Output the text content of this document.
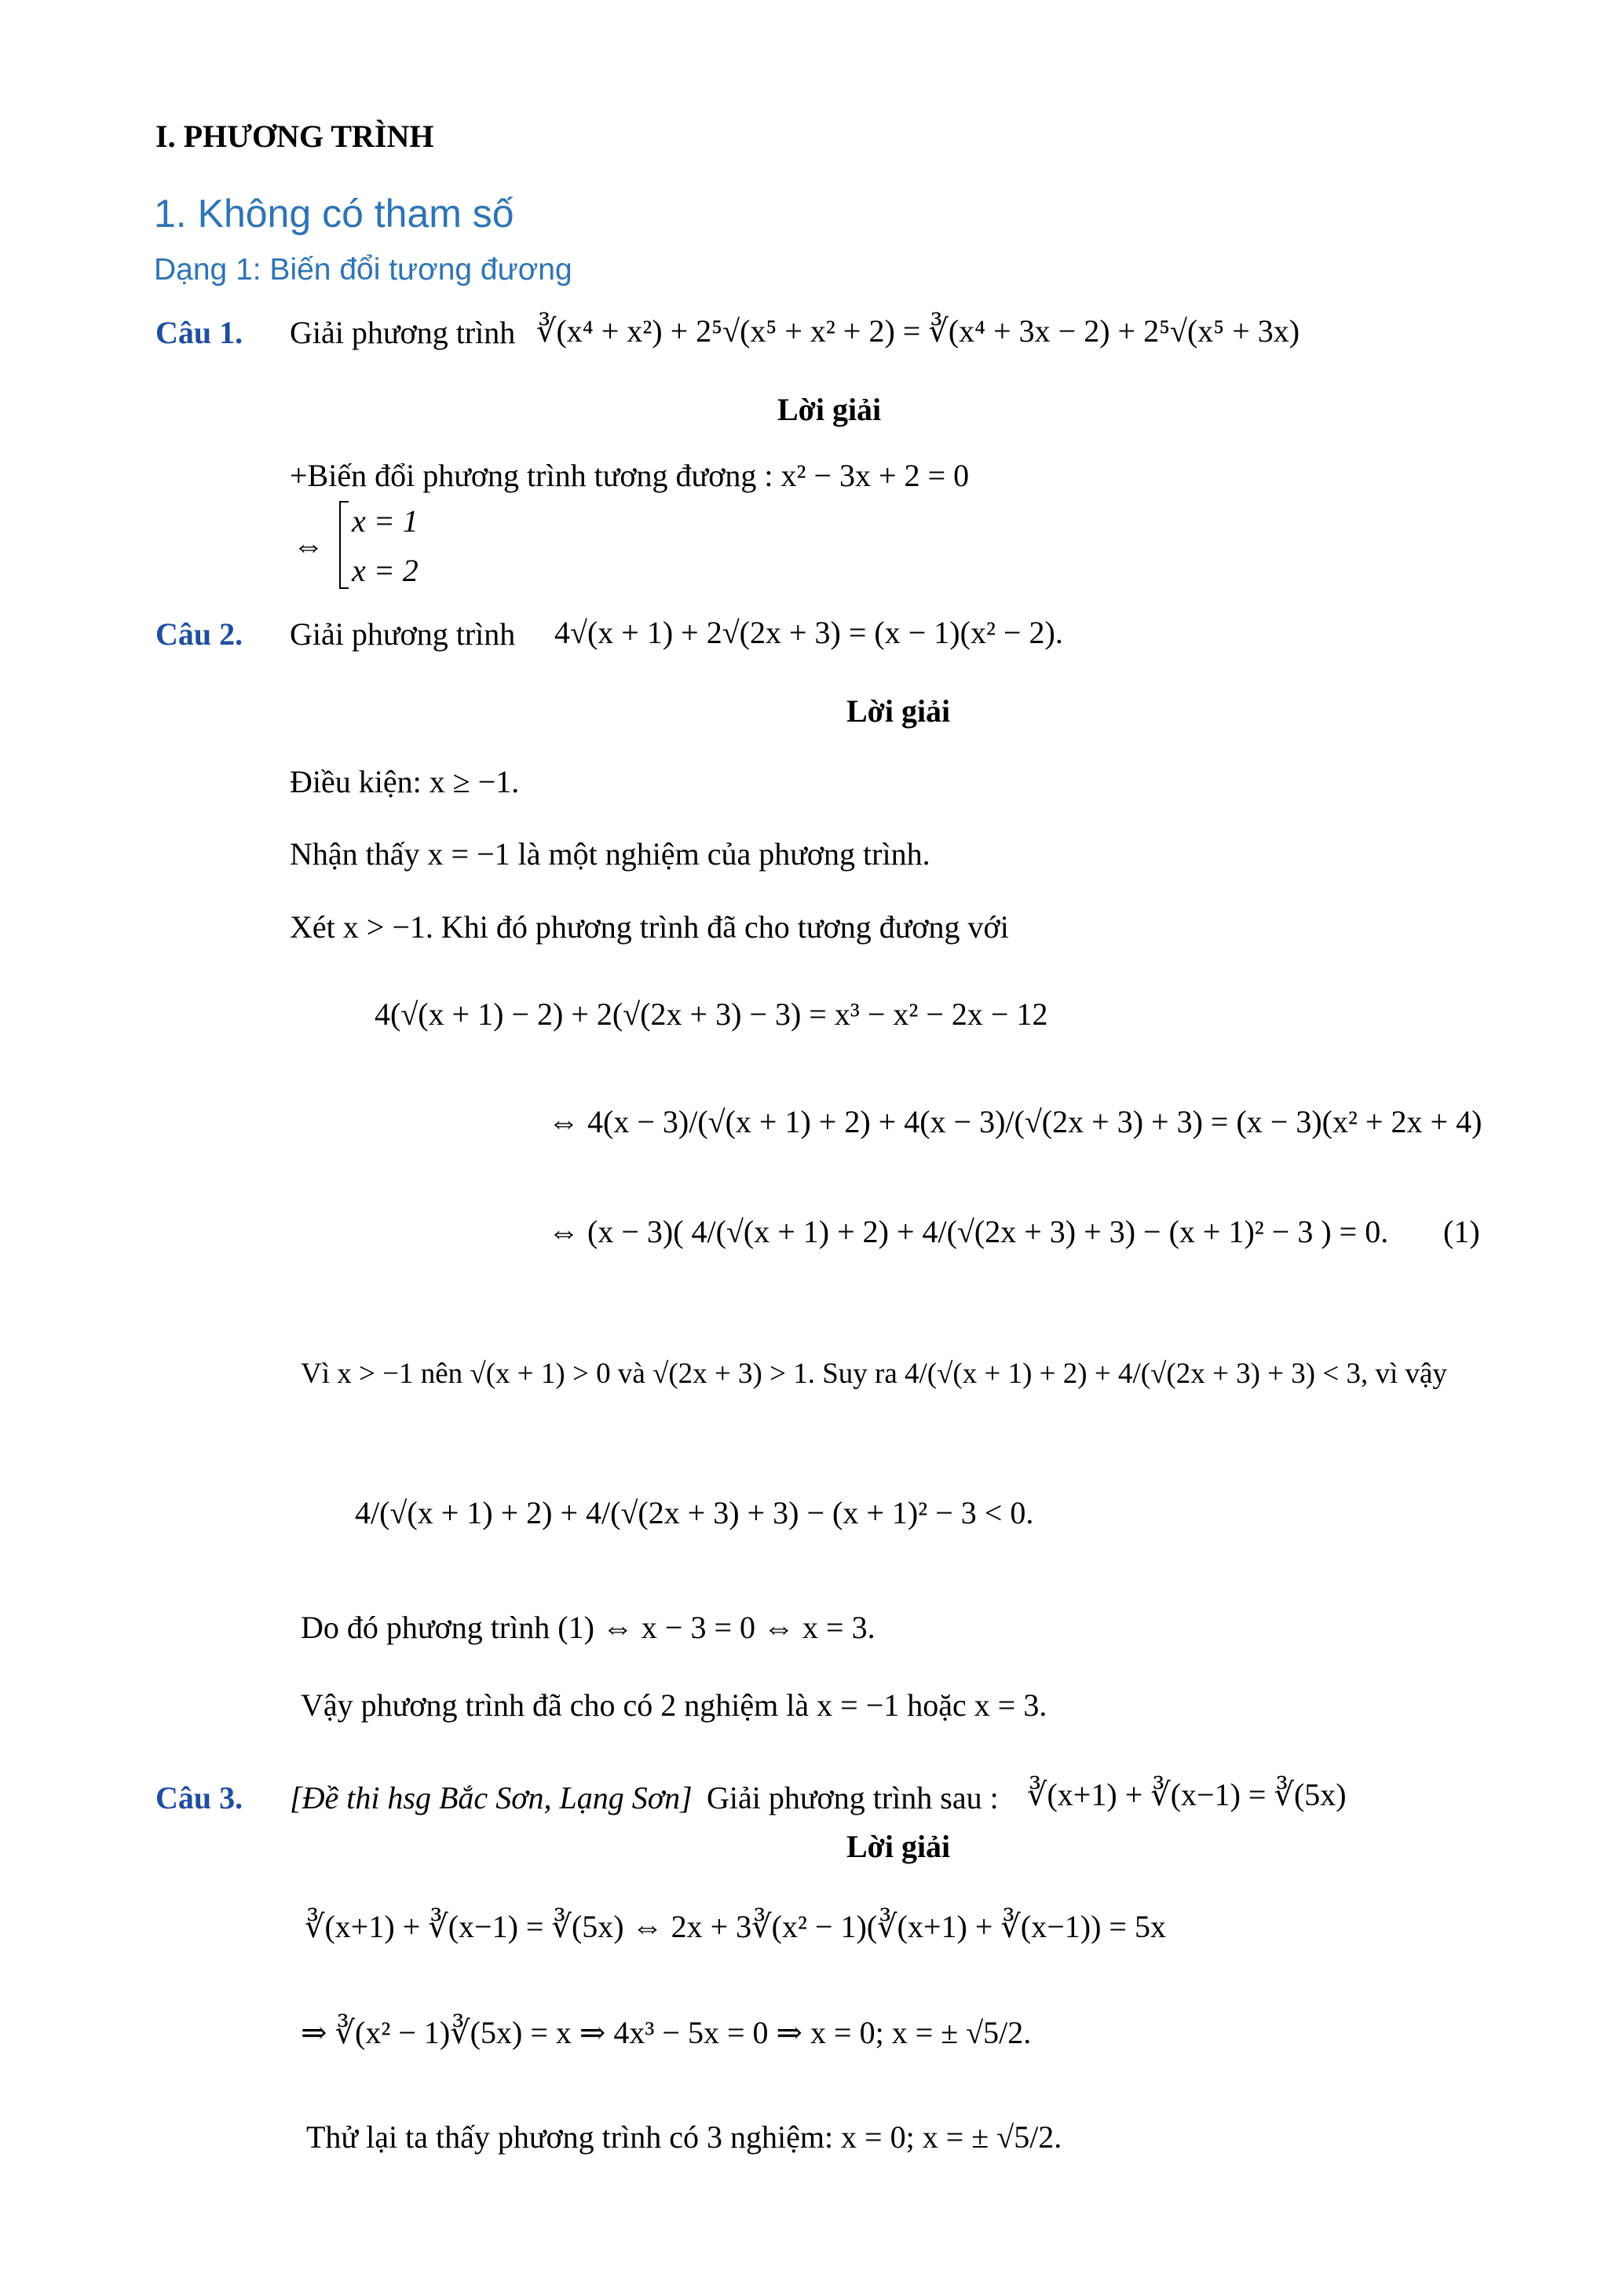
I. PHƯƠNG TRÌNH
1. Không có tham số
Dạng 1: Biến đổi tương đương
Câu 1. Giải phương trình ∛(x⁴ + x²) + 2⁵√(x⁵ + x² + 2) = ∛(x⁴ + 3x − 2) + 2⁵√(x⁵ + 3x)
Lời giải
+Biến đổi phương trình tương đương : x² − 3x + 2 = 0
⇔
x = 1
x = 2
Câu 2. Giải phương trình 4√(x + 1) + 2√(2x + 3) = (x − 1)(x² − 2).
Lời giải
Điều kiện: x ≥ −1.
Nhận thấy x = −1 là một nghiệm của phương trình.
Xét x > −1. Khi đó phương trình đã cho tương đương với
4(√(x + 1) − 2) + 2(√(2x + 3) − 3) = x³ − x² − 2x − 12
⇔ 4(x − 3)/(√(x + 1) + 2) + 4(x − 3)/(√(2x + 3) + 3) = (x − 3)(x² + 2x + 4)
⇔ (x − 3)( 4/(√(x + 1) + 2) + 4/(√(2x + 3) + 3) − (x + 1)² − 3 ) = 0. (1)
Vì x > −1 nên √(x + 1) > 0 và √(2x + 3) > 1. Suy ra 4/(√(x + 1) + 2) + 4/(√(2x + 3) + 3) < 3, vì vậy
4/(√(x + 1) + 2) + 4/(√(2x + 3) + 3) − (x + 1)² − 3 < 0.
Do đó phương trình (1) ⇔ x − 3 = 0 ⇔ x = 3.
Vậy phương trình đã cho có 2 nghiệm là x = −1 hoặc x = 3.
Câu 3. [Đề thi hsg Bắc Sơn, Lạng Sơn] Giải phương trình sau : ∛(x+1) + ∛(x−1) = ∛(5x)
Lời giải
∛(x+1) + ∛(x−1) = ∛(5x) ⇔ 2x + 3∛(x² − 1)(∛(x+1) + ∛(x−1)) = 5x
⇒ ∛(x² − 1)∛(5x) = x ⇒ 4x³ − 5x = 0 ⇒ x = 0; x = ± √5/2.
Thử lại ta thấy phương trình có 3 nghiệm: x = 0; x = ± √5/2.
